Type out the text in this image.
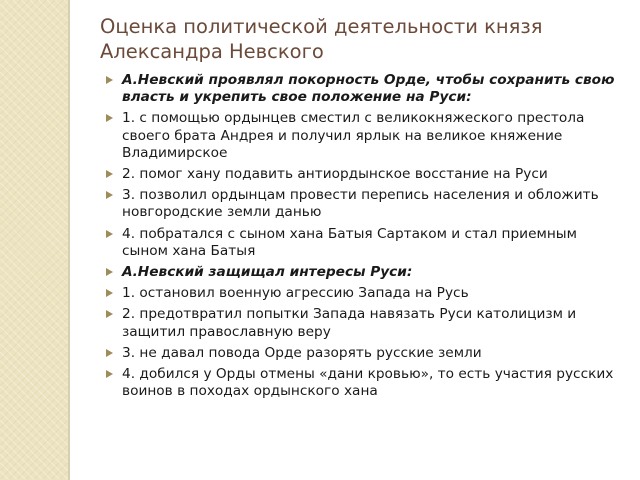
Оценка политической деятельности князя
Александра Невского
А.Невский проявлял покорность Орде, чтобы сохранить свою власть и укрепить свое положение на Руси:
1. с помощью ордынцев сместил с великокняжеского престола своего брата Андрея и получил ярлык на великое княжение Владимирское
2. помог хану подавить антиордынское восстание на Руси
3. позволил ордынцам провести перепись населения и обложить новгородские земли данью
4. побратался с сыном хана Батыя Сартаком и стал приемным сыном хана Батыя
А.Невский защищал интересы Руси:
1. остановил военную агрессию Запада на Русь
2. предотвратил попытки Запада навязать Руси католицизм и защитил православную веру
3. не давал повода Орде разорять русские земли
4. добился у Орды отмены «дани кровью», то есть участия русских воинов в походах ордынского хана
